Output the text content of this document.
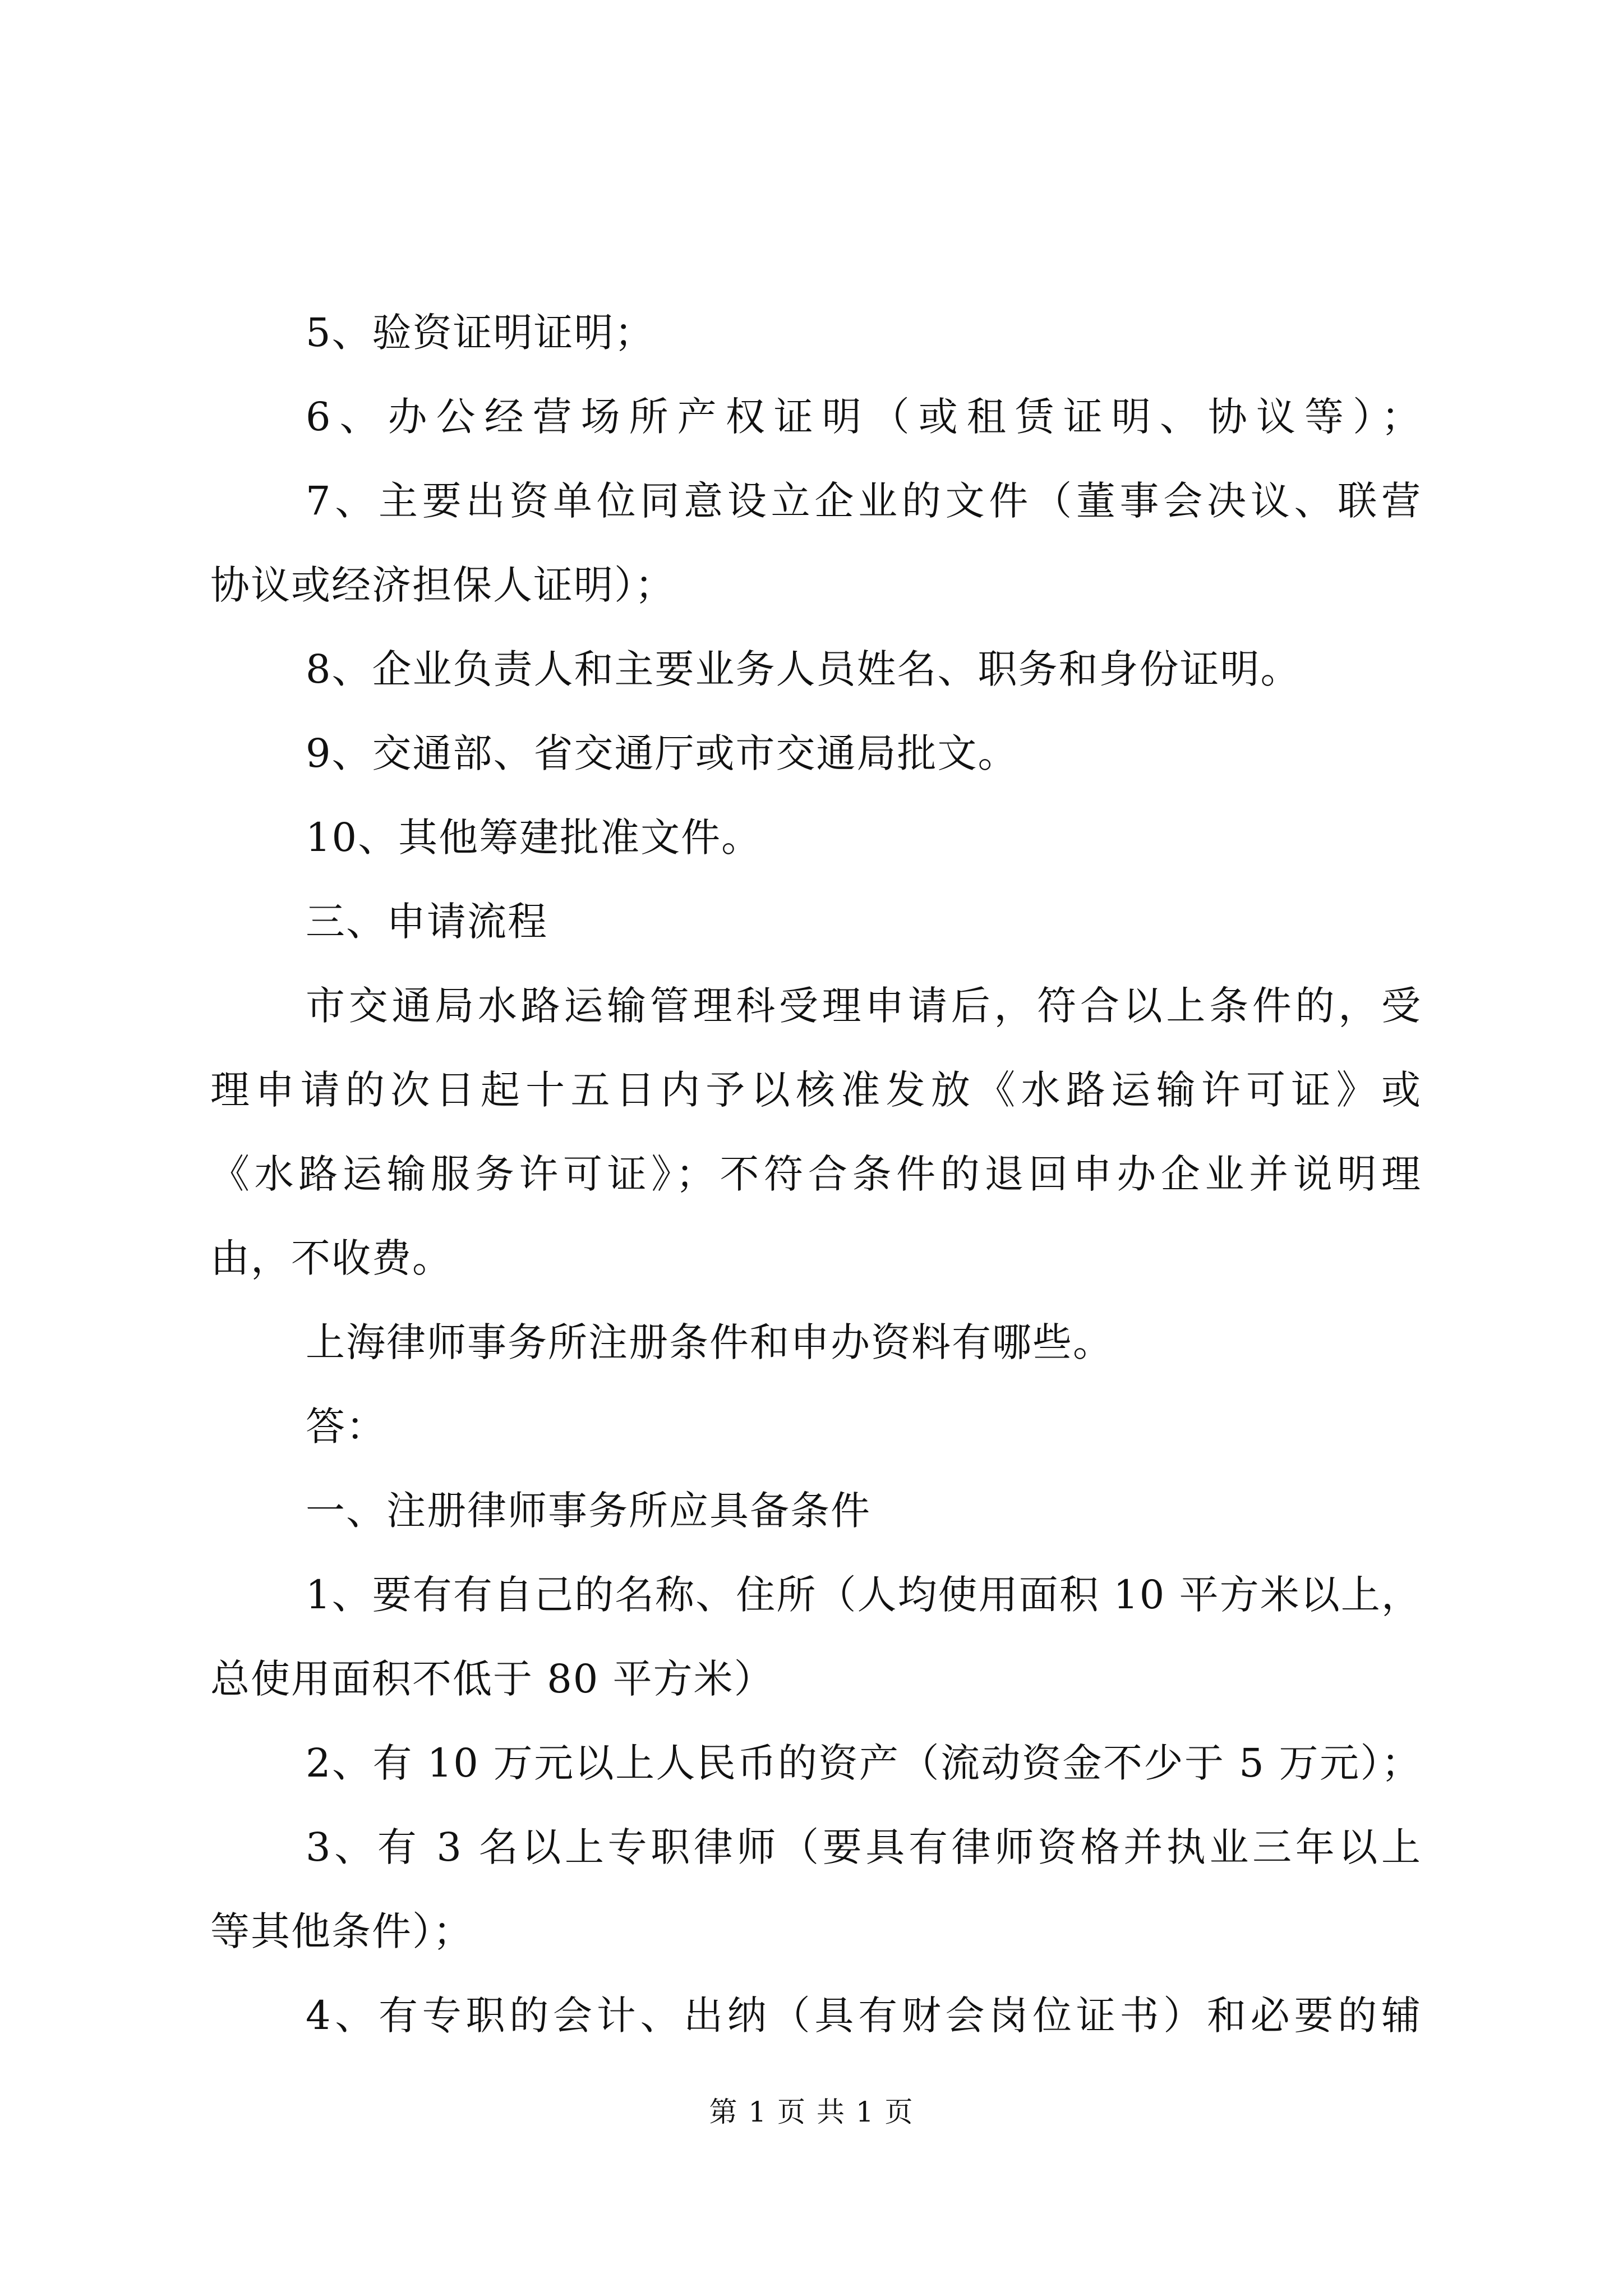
5、验资证明证明；
6、办公经营场所产权证明（或租赁证明、协议等）；
7、主要出资单位同意设立企业的文件（董事会决议、联营
协议或经济担保人证明）；
8、企业负责人和主要业务人员姓名、职务和身份证明。
9、交通部、省交通厅或市交通局批文。
10、其他筹建批准文件。
三、申请流程
市交通局水路运输管理科受理申请后，符合以上条件的，受
理申请的次日起十五日内予以核准发放《水路运输许可证》或
《水路运输服务许可证》；不符合条件的退回申办企业并说明理
由，不收费。
上海律师事务所注册条件和申办资料有哪些。
答：
一、注册律师事务所应具备条件
1、要有有自己的名称、住所（人均使用面积 10 平方米以上，
总使用面积不低于 80 平方米）
2、有 10 万元以上人民币的资产（流动资金不少于 5 万元）；
3、有 3 名以上专职律师（要具有律师资格并执业三年以上
等其他条件）；
4、有专职的会计、出纳（具有财会岗位证书）和必要的辅
第 1 页 共 1 页
